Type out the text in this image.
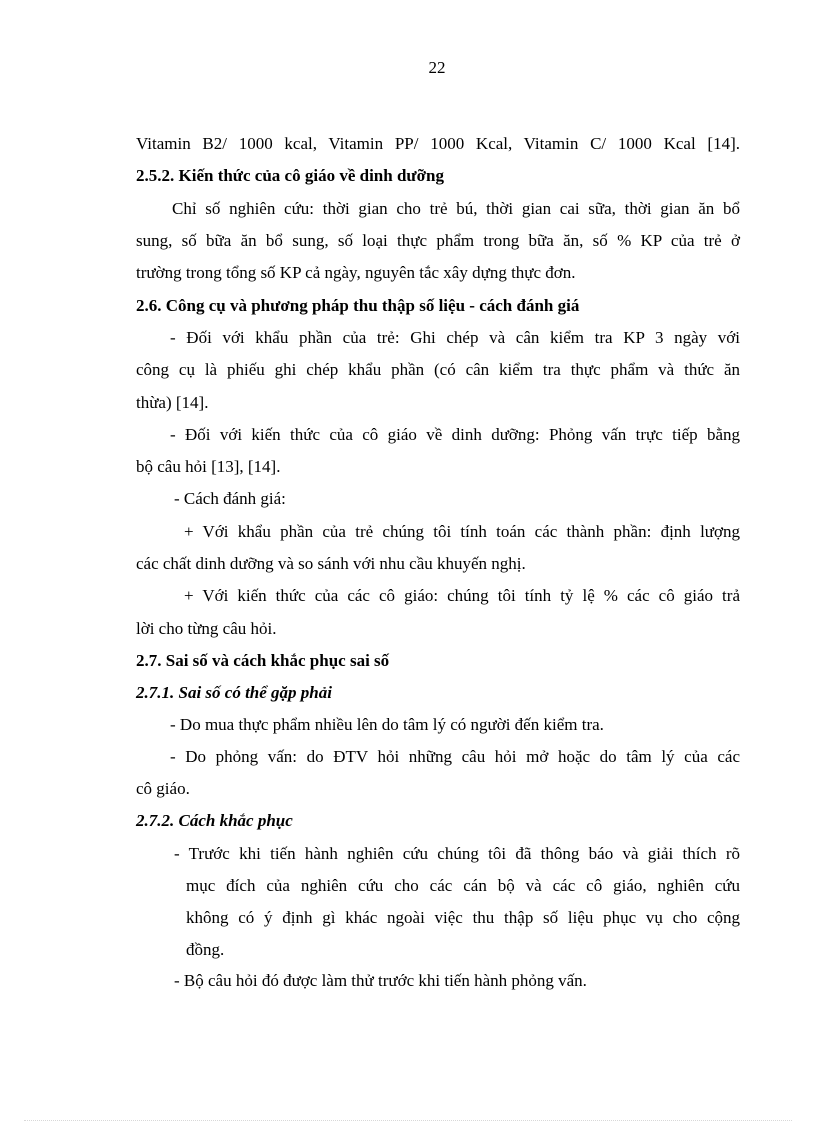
22
Vitamin B2/ 1000 kcal, Vitamin PP/ 1000 Kcal, Vitamin C/ 1000 Kcal [14].
2.5.2. Kiến thức của cô giáo về dinh dưỡng
Chỉ số nghiên cứu: thời gian cho trẻ bú, thời gian cai sữa, thời gian ăn bổ
sung, số bữa ăn bổ sung, số loại thực phẩm trong bữa ăn, số % KP của trẻ ở
trường trong tổng số KP cả ngày, nguyên tắc xây dựng thực đơn.
2.6. Công cụ và phương pháp thu thập số liệu - cách đánh giá
- Đối với khẩu phần của trẻ: Ghi chép và cân kiểm tra KP 3 ngày với
công cụ là phiếu ghi chép khẩu phần (có cân kiểm tra thực phẩm và thức ăn
thừa) [14].
- Đối với kiến thức của cô giáo về dinh dưỡng: Phỏng vấn trực tiếp bằng
bộ câu hỏi [13], [14].
- Cách đánh giá:
+ Với khẩu phần của trẻ chúng tôi tính toán các thành phần: định lượng
các chất dinh dưỡng và so sánh với nhu cầu khuyến nghị.
+ Với kiến thức của các cô giáo: chúng tôi tính tỷ lệ % các cô giáo trả
lời cho từng câu hỏi.
2.7. Sai số và cách khắc phục sai số
2.7.1. Sai số có thể gặp phải
- Do mua thực phẩm nhiều lên do tâm lý có người đến kiểm tra.
- Do phỏng vấn: do ĐTV hỏi những câu hỏi mở hoặc do tâm lý của các
cô giáo.
2.7.2. Cách khắc phục
- Trước khi tiến hành nghiên cứu chúng tôi đã thông báo và giải thích rõ
mục đích của nghiên cứu cho các cán bộ và các cô giáo, nghiên cứu
không có ý định gì khác ngoài việc thu thập số liệu phục vụ cho cộng
đồng.
- Bộ câu hỏi đó được làm thử trước khi tiến hành phỏng vấn.
